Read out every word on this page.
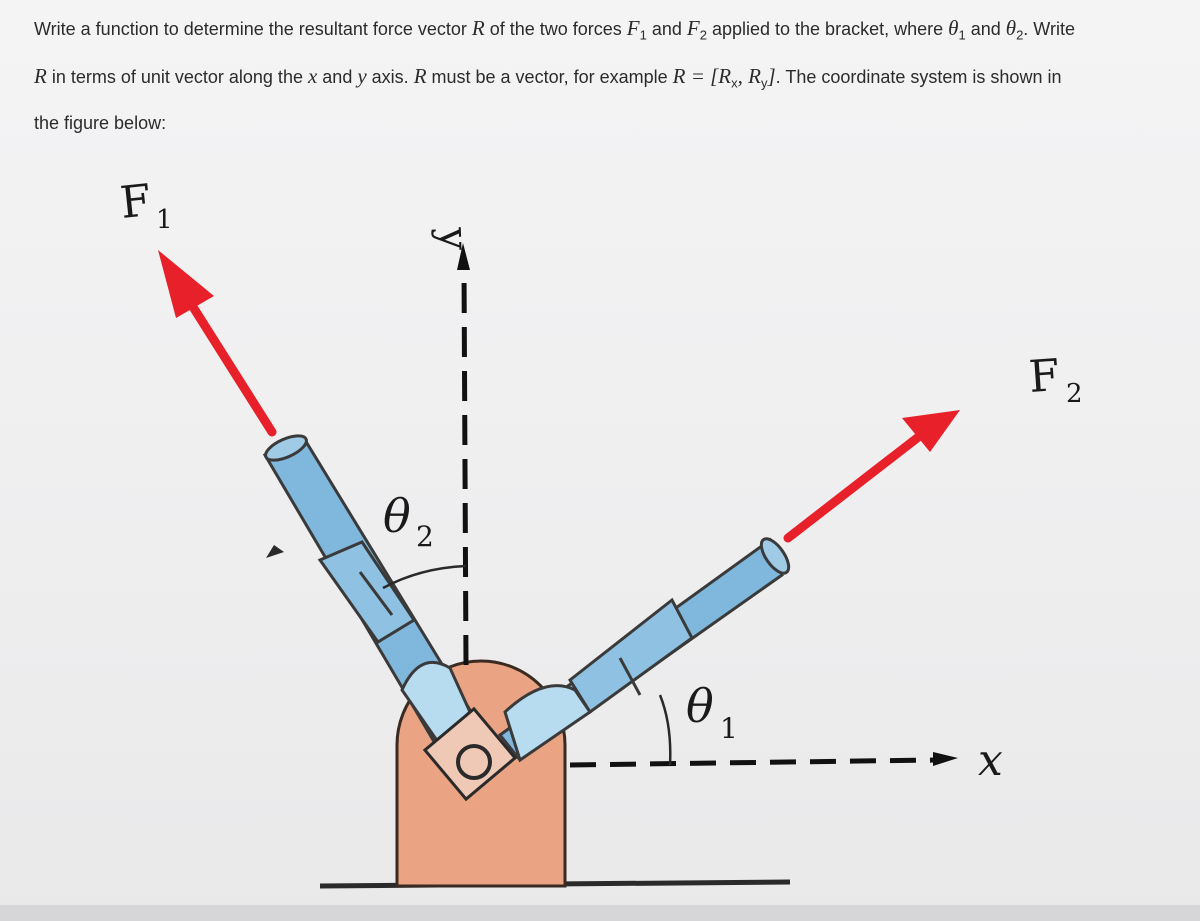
Write a function to determine the resultant force vector R of the two forces $F_1$ and $F_2$ applied to the bracket, where $\theta_1$ and $\theta_2$. Write
R in terms of unit vector along the x and y axis. R must be a vector, for example $R = [R_x$, $R_y$]. The coordinate system is shown in
the figure below:
F 1
F 2
y
x
θ 2
θ 1
